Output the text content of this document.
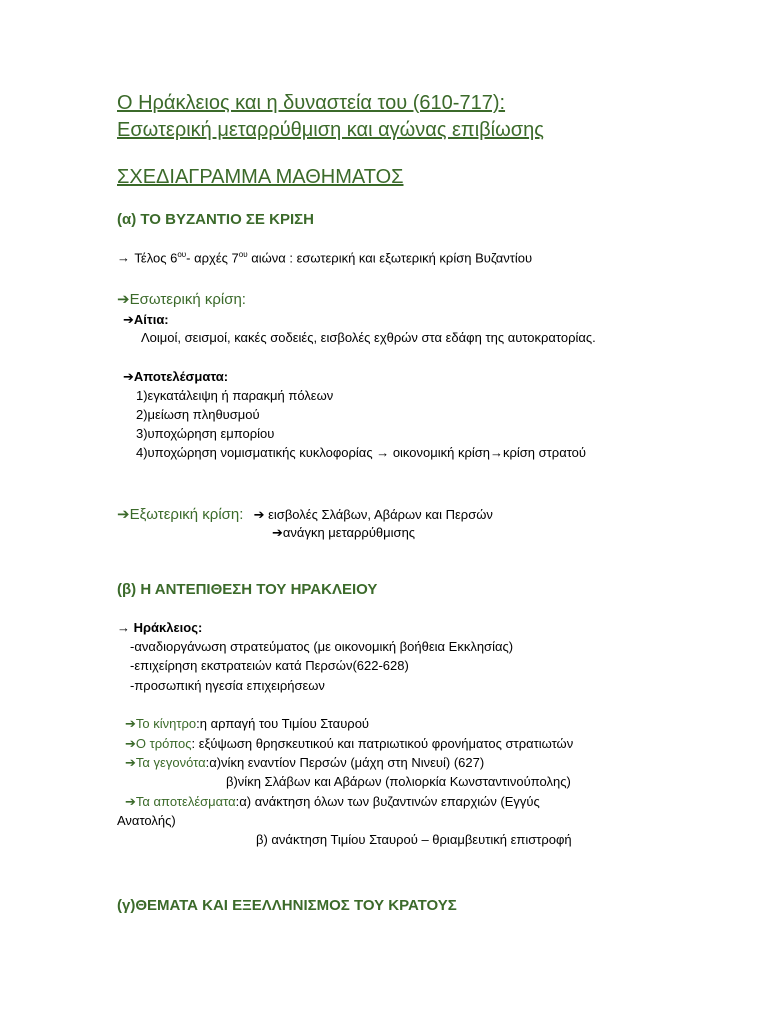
Ο Ηράκλειος και η δυναστεία του (610-717):
Εσωτερική μεταρρύθμιση και αγώνας επιβίωσης
ΣΧΕΔΙΑΓΡΑΜΜΑ ΜΑΘΗΜΑΤΟΣ
(α) ΤΟ ΒΥΖΑΝΤΙΟ ΣΕ ΚΡΙΣΗ
→ Τέλος $6^{o\upsilon}-$ αρχές $7^{o\upsilon}$ αιώνα : εσωτερική και εξωτερική κρίση Βυζαντίου
➔Εσωτερική κρίση:
➔Αίτια:
Λοιμοί, σεισμοί, κακές σοδειές, εισβολές εχθρών στα εδάφη της αυτοκρατορίας.
➔Αποτελέσματα:
1)εγκατάλειψη ή παρακμή πόλεων
2)μείωση πληθυσμού
3)υποχώρηση εμπορίου
4)υποχώρηση νομισματικής κυκλοφορίας → οικονομική κρίση→κρίση στρατού
➔Εξωτερική κρίση: ➔ εισβολές Σλάβων, Αβάρων και Περσών
➔ανάγκη μεταρρύθμισης
(β) Η ΑΝΤΕΠΙΘΕΣΗ ΤΟΥ ΗΡΑΚΛΕΙΟΥ
→ Ηράκλειος:
-αναδιοργάνωση στρατεύματος (με οικονομική βοήθεια Εκκλησίας)
-επιχείρηση εκστρατειών κατά Περσών(622-628)
-προσωπική ηγεσία επιχειρήσεων
➔Το κίνητρο:η αρπαγή του Τιμίου Σταυρού
➔Ο τρόπος: εξύψωση θρησκευτικού και πατριωτικού φρονήματος στρατιωτών
➔Τα γεγονότα:α)νίκη εναντίον Περσών (μάχη στη Νινευί) (627)
β)νίκη Σλάβων και Αβάρων (πολιορκία Κωνσταντινούπολης)
➔Τα αποτελέσματα:α) ανάκτηση όλων των βυζαντινών επαρχιών (Εγγύς
Ανατολής)
β) ανάκτηση Τιμίου Σταυρού – θριαμβευτική επιστροφή
(γ)ΘΕΜΑΤΑ ΚΑΙ ΕΞΕΛΛΗΝΙΣΜΟΣ ΤΟΥ ΚΡΑΤΟΥΣ
